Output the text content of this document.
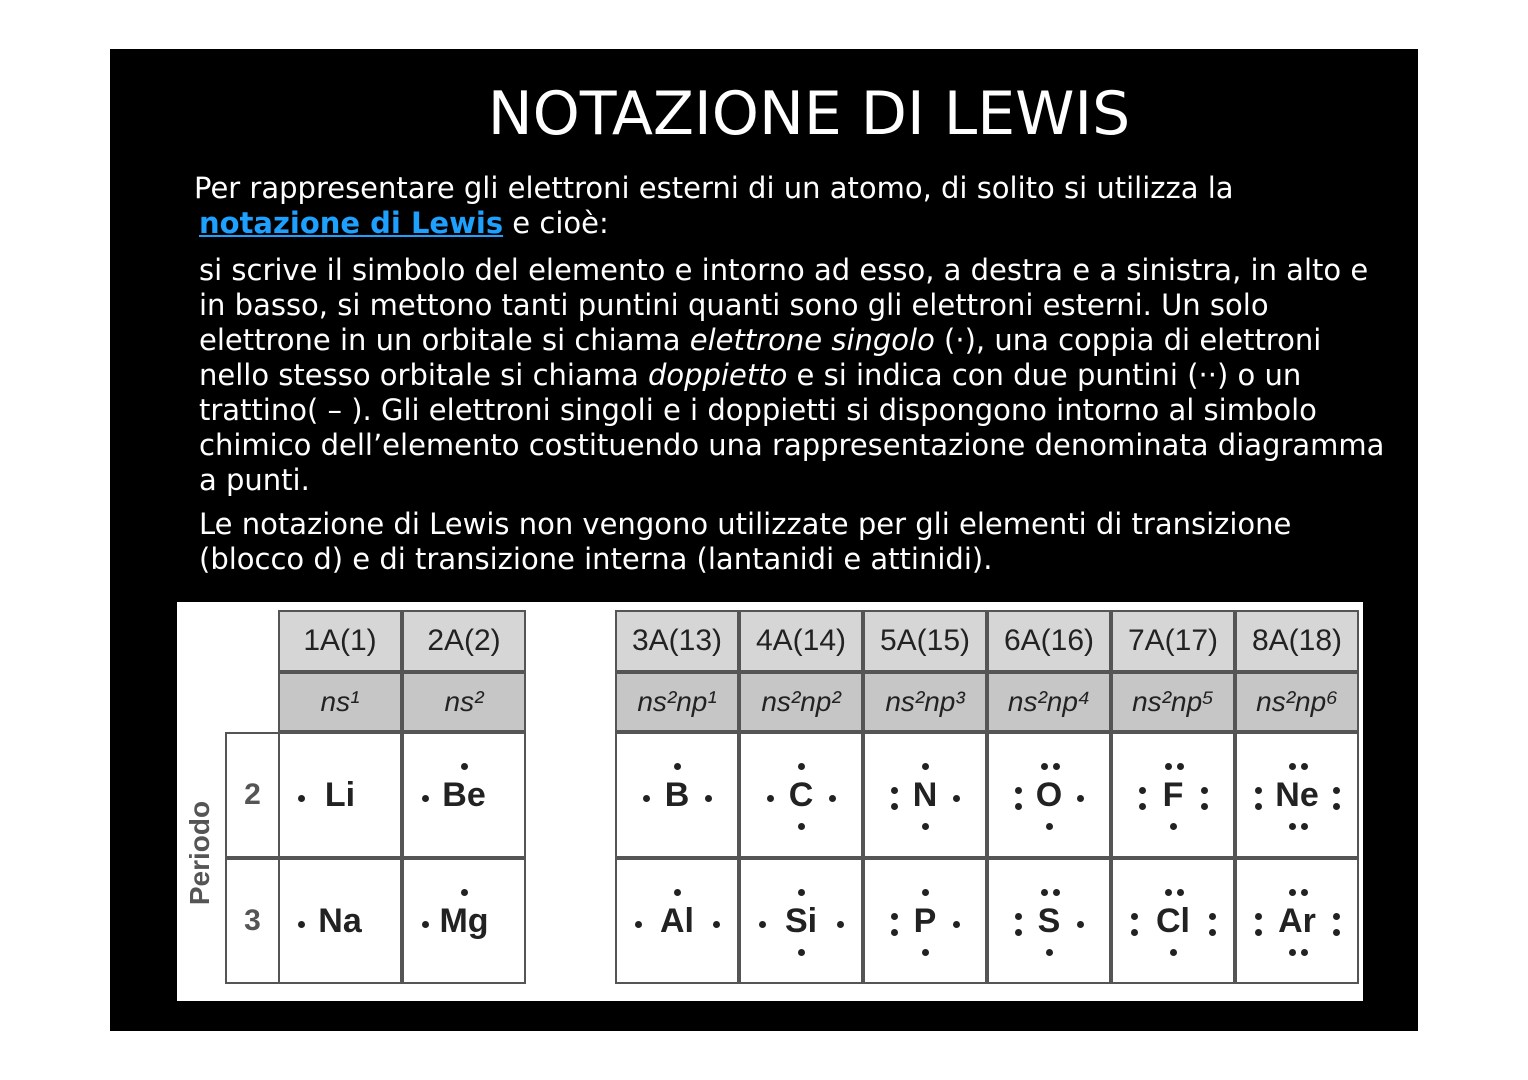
NOTAZIONE DI LEWIS
Per rappresentare gli elettroni esterni di un atomo, di solito si utilizza la

notazione di Lewis e cioè:
si scrive il simbolo del elemento e intorno ad esso, a destra e a sinistra, in alto e in basso, si mettono tanti puntini quanti sono gli elettroni esterni. Un solo elettrone in un orbitale si chiama elettrone singolo (·), una coppia di elettroni nello stesso orbitale si chiama doppietto e si indica con due puntini (··) o un trattino( – ). Gli elettroni singoli e i doppietti si dispongono intorno al simbolo chimico dell’elemento costituendo una rappresentazione denominata diagramma a punti.
Le notazione di Lewis non vengono utilizzate per gli elementi di transizione (blocco d) e di transizione interna (lantanidi e attinidi).
Periodo
2
3
1A(1)
ns¹
Li
Na
2A(2)
ns²
Be
Mg
3A(13)
ns²np¹
B
Al
4A(14)
ns²np²
C
Si
5A(15)
ns²np³
N
P
6A(16)
ns²np⁴
O
S
7A(17)
ns²np⁵
F
Cl
8A(18)
ns²np⁶
Ne
Ar
